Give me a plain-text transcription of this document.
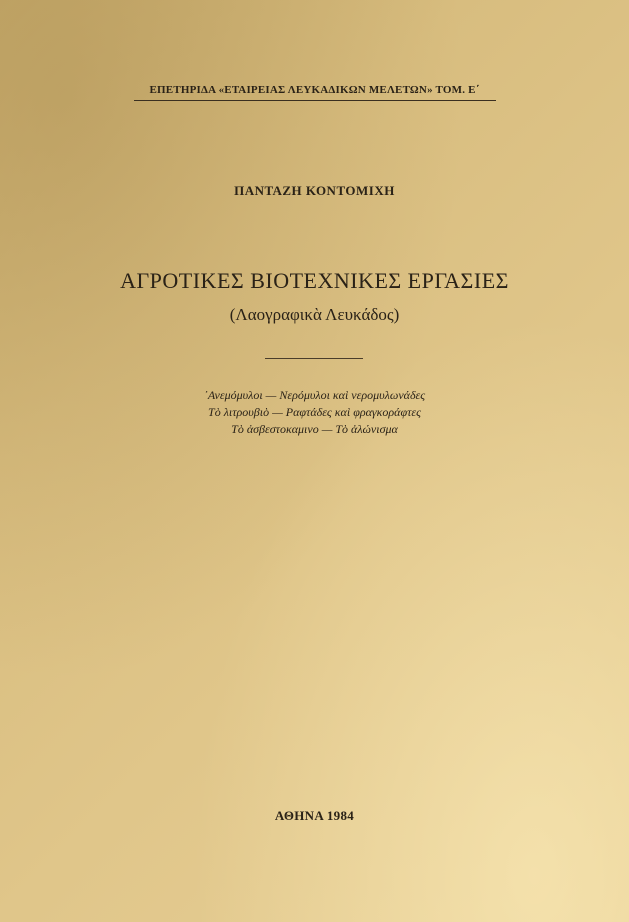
ΕΠΕΤΗΡΙΔΑ «ΕΤΑΙΡΕΙΑΣ ΛΕΥΚΑΔΙΚΩΝ ΜΕΛΕΤΩΝ» ΤΟΜ. Ε΄
ΠΑΝΤΑΖΗ ΚΟΝΤΟΜΙΧΗ
ΑΓΡΟΤΙΚΕΣ ΒΙΟΤΕΧΝΙΚΕΣ ΕΡΓΑΣΙΕΣ
(Λαογραφικὰ Λευκάδος)
᾿Ανεμόμυλοι — Νερόμυλοι καὶ νερομυλωνάδες
Τὸ λιτρουβιὸ — Ραφτάδες καὶ φραγκοράφτες
Τὸ ἀσβεστοκαμινο — Τὸ ἁλώνισμα
ΑΘΗΝΑ 1984
